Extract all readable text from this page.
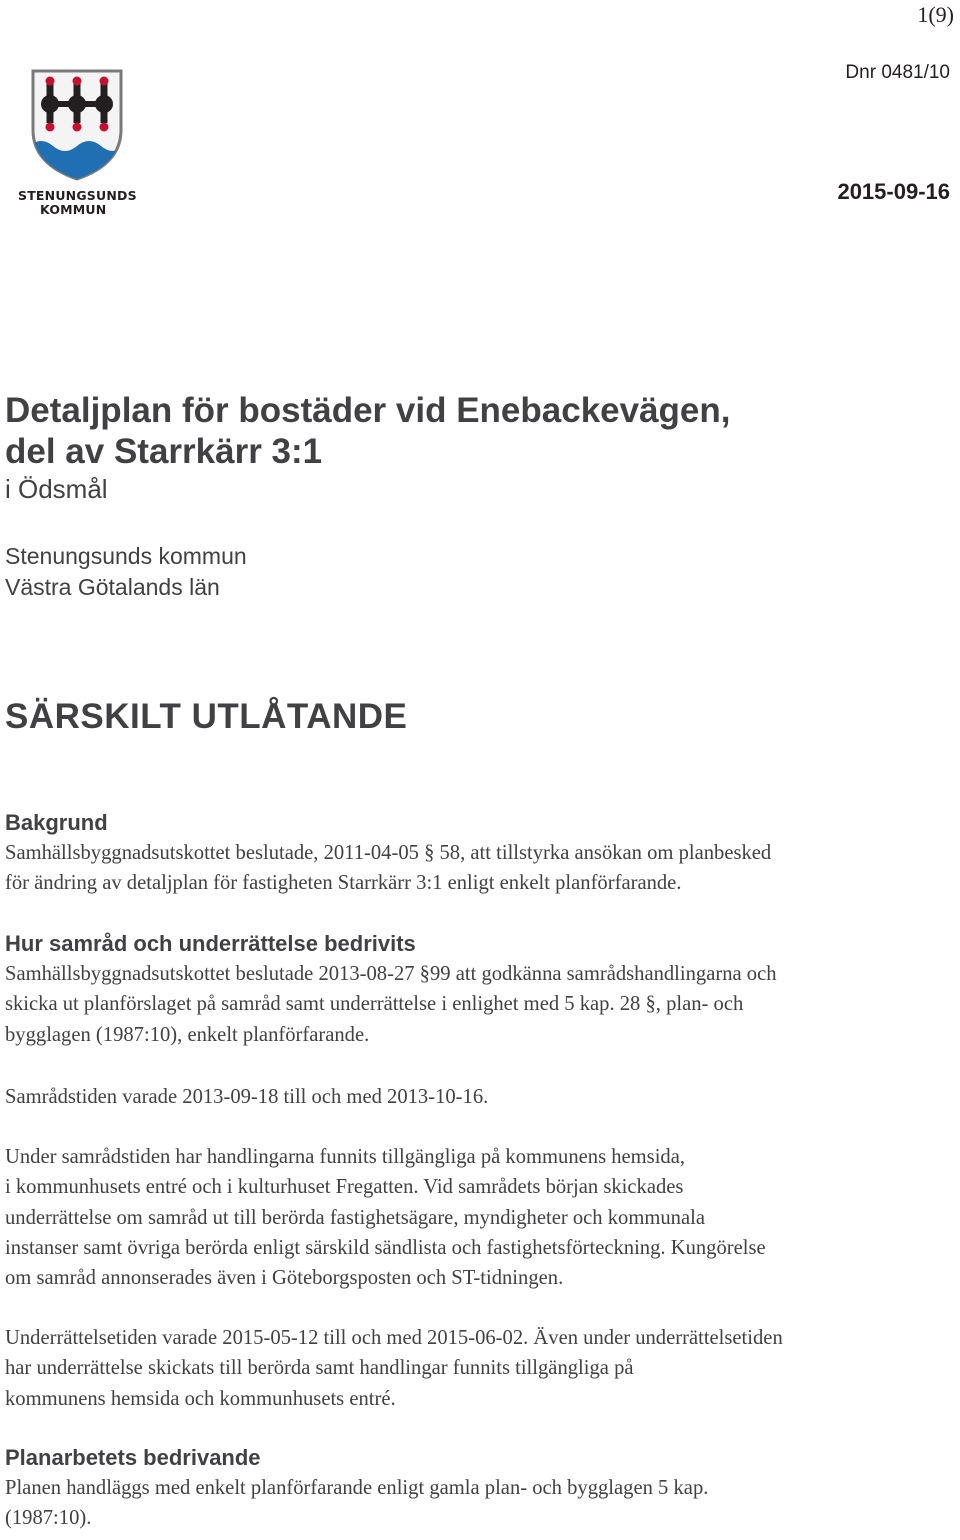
1(9)
Dnr 0481/10
2015-09-16
STENUNGSUNDS
KOMMUN
Detaljplan för bostäder vid Enebackevägen,
del av Starrkärr 3:1
i Ödsmål
Stenungsunds kommun
Västra Götalands län
SÄRSKILT UTLÅTANDE
Bakgrund
Samhällsbyggnadsutskottet beslutade, 2011-04-05 § 58, att tillstyrka ansökan om planbesked
för ändring av detaljplan för fastigheten Starrkärr 3:1 enligt enkelt planförfarande.
Hur samråd och underrättelse bedrivits
Samhällsbyggnadsutskottet beslutade 2013-08-27 §99 att godkänna samrådshandlingarna och
skicka ut planförslaget på samråd samt underrättelse i enlighet med 5 kap. 28 §, plan- och
bygglagen (1987:10), enkelt planförfarande.
Samrådstiden varade 2013-09-18 till och med 2013-10-16.
Under samrådstiden har handlingarna funnits tillgängliga på kommunens hemsida,
i kommunhusets entré och i kulturhuset Fregatten. Vid samrådets början skickades
underrättelse om samråd ut till berörda fastighetsägare, myndigheter och kommunala
instanser samt övriga berörda enligt särskild sändlista och fastighetsförteckning. Kungörelse
om samråd annonserades även i Göteborgsposten och ST-tidningen.
Underrättelsetiden varade 2015-05-12 till och med 2015-06-02. Även under underrättelsetiden
har underrättelse skickats till berörda samt handlingar funnits tillgängliga på
kommunens hemsida och kommunhusets entré.
Planarbetets bedrivande
Planen handläggs med enkelt planförfarande enligt gamla plan- och bygglagen 5 kap.
(1987:10).
